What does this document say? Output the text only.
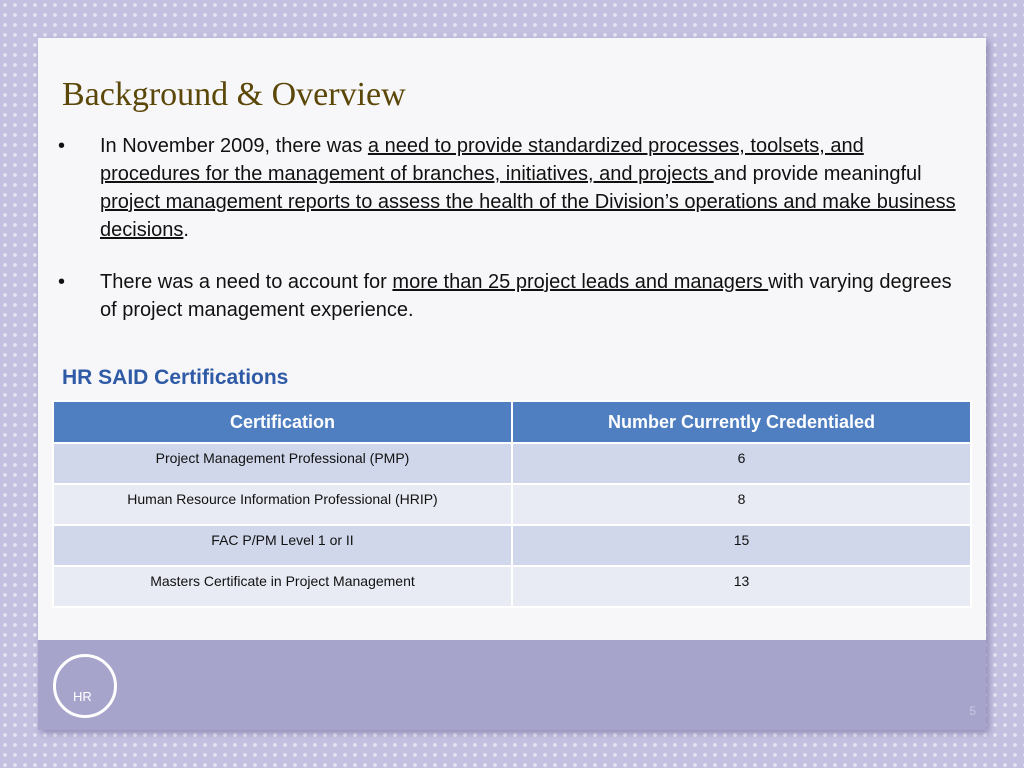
Background & Overview
• In November 2009, there was a need to provide standardized processes, toolsets, and procedures for the management of branches, initiatives, and projects and provide meaningful project management reports to assess the health of the Division’s operations and make business decisions.
• There was a need to account for more than 25 project leads and managers with varying degrees of project management experience.
HR SAID Certifications
Certification	Number Currently Credentialed
Project Management Professional (PMP)	6
Human Resource Information Professional (HRIP)	8
FAC P/PM Level 1 or II	15
Masters Certificate in Project Management	13
HR
5
